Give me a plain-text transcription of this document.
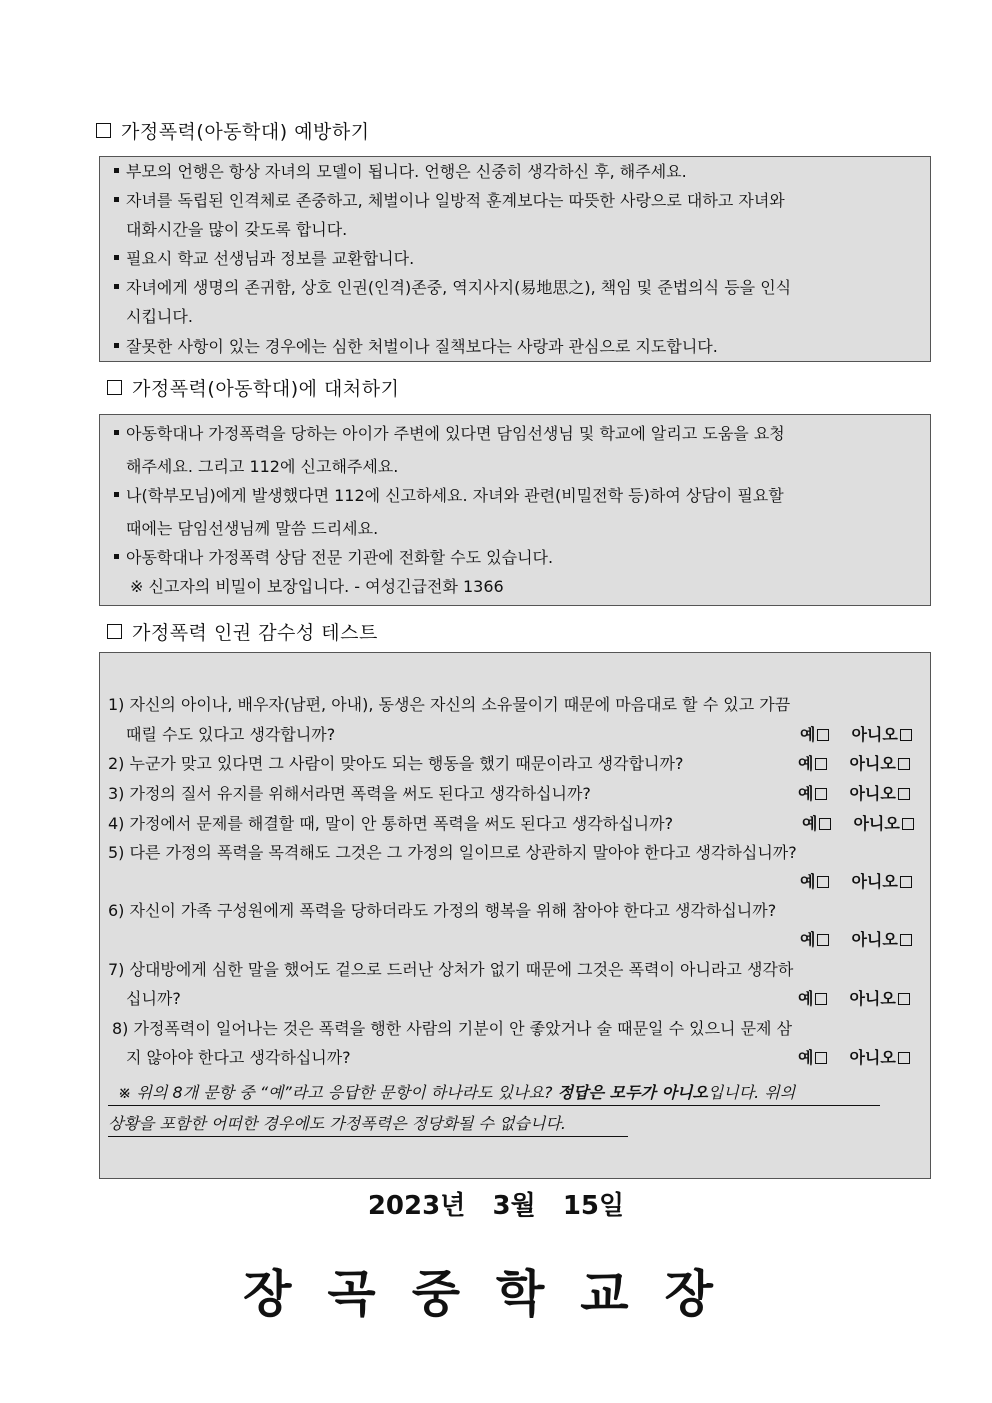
가정폭력(아동학대) 예방하기
부모의 언행은 항상 자녀의 모델이 됩니다. 언행은 신중히 생각하신 후, 해주세요.
자녀를 독립된 인격체로 존중하고, 체벌이나 일방적 훈계보다는 따뜻한 사랑으로 대하고 자녀와
대화시간을 많이 갖도록 합니다.
필요시 학교 선생님과 정보를 교환합니다.
자녀에게 생명의 존귀함, 상호 인권(인격)존중, 역지사지(易地思之), 책임 및 준법의식 등을 인식
시킵니다.
잘못한 사항이 있는 경우에는 심한 처벌이나 질책보다는 사랑과 관심으로 지도합니다.
가정폭력(아동학대)에 대처하기
아동학대나 가정폭력을 당하는 아이가 주변에 있다면 담임선생님 및 학교에 알리고 도움을 요청
해주세요. 그리고 112에 신고해주세요.
나(학부모님)에게 발생했다면 112에 신고하세요. 자녀와 관련(비밀전학 등)하여 상담이 필요할
때에는 담임선생님께 말씀 드리세요.
아동학대나 가정폭력 상담 전문 기관에 전화할 수도 있습니다.
※ 신고자의 비밀이 보장입니다. - 여성긴급전화 1366
가정폭력 인권 감수성 테스트
1) 자신의 아이나, 배우자(남편, 아내), 동생은 자신의 소유물이기 때문에 마음대로 할 수 있고 가끔
때릴 수도 있다고 생각합니까?	예 아니오
2) 누군가 맞고 있다면 그 사람이 맞아도 되는 행동을 했기 때문이라고 생각합니까?	예 아니오
3) 가정의 질서 유지를 위해서라면 폭력을 써도 된다고 생각하십니까?	예 아니오
4) 가정에서 문제를 해결할 때, 말이 안 통하면 폭력을 써도 된다고 생각하십니까?	예 아니오
5) 다른 가정의 폭력을 목격해도 그것은 그 가정의 일이므로 상관하지 말아야 한다고 생각하십니까?
예 아니오
6) 자신이 가족 구성원에게 폭력을 당하더라도 가정의 행복을 위해 참아야 한다고 생각하십니까?
예 아니오
7) 상대방에게 심한 말을 했어도 겉으로 드러난 상처가 없기 때문에 그것은 폭력이 아니라고 생각하
십니까?	예 아니오
8) 가정폭력이 일어나는 것은 폭력을 행한 사람의 기분이 안 좋았거나 술 때문일 수 있으니 문제 삼
지 않아야 한다고 생각하십니까?	예 아니오
※ 위의 8개 문항 중 “예”라고 응답한 문항이 하나라도 있나요? 정답은 모두가 아니오입니다. 위의
상황을 포함한 어떠한 경우에도 가정폭력은 정당화될 수 없습니다.
2023년   3월   15일
장곡중학교장
